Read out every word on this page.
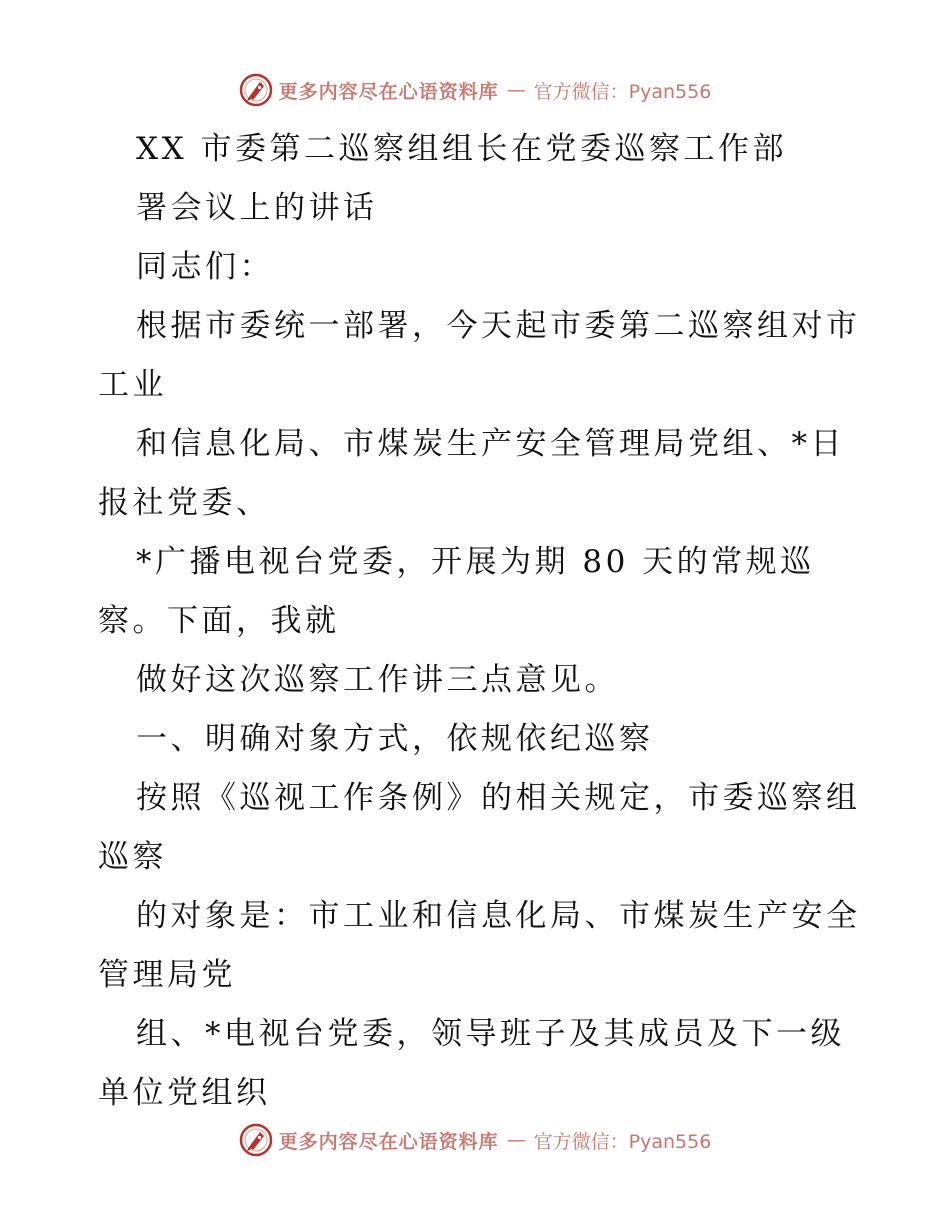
更多内容尽在心语资料库 — 官方微信：Pyan556
XX 市委第二巡察组组长在党委巡察工作部
署会议上的讲话
同志们：
根据市委统一部署，今天起市委第二巡察组对市
工业
和信息化局、市煤炭生产安全管理局党组、*日
报社党委、
*广播电视台党委，开展为期 80 天的常规巡
察。下面，我就
做好这次巡察工作讲三点意见。
一、明确对象方式，依规依纪巡察
按照《巡视工作条例》的相关规定，市委巡察组
巡察
的对象是：市工业和信息化局、市煤炭生产安全
管理局党
组、*电视台党委，领导班子及其成员及下一级
单位党组织
更多内容尽在心语资料库 — 官方微信：Pyan556
